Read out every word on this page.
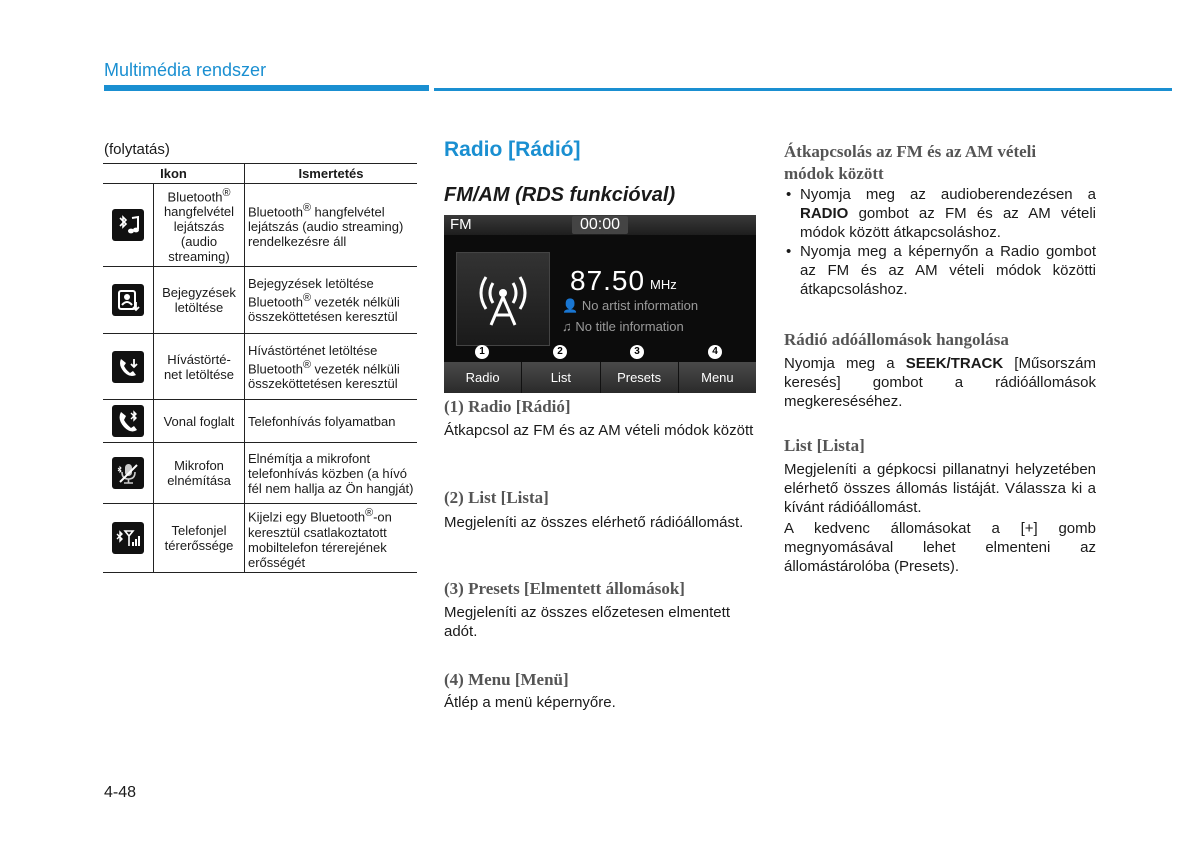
Multimédia rendszer
(folytatás)
Ikon		Ismertetés

	Bluetooth®
hangfelvétel
lejátszás
(audio
streaming)	Bluetooth® hangfelvétel lejátszás (audio streaming) rendelkezésre áll

	Bejegyzések
letöltése	Bejegyzések letöltése Bluetooth® vezeték nélküli összeköttetésen keresztül

	Hívástörté-
net letöltése	Hívástörténet letöltése Bluetooth® vezeték nélküli összeköttetésen keresztül

	Vonal foglalt	Telefonhívás folyamatban

	Mikrofon
elnémítása	Elnémítja a mikrofont telefonhívás közben (a hívó fél nem hallja az Ön hangját)

	Telefonjel
térerőssége	Kijelzi egy Bluetooth®-on keresztül csatlakoztatott mobiltelefon térerejének erősségét
Radio [Rádió]
FM/AM (RDS funkcióval)
FM	00:00
87.50 MHz
👤 No artist information
♫ No title information
1	2	3	4
Radio	List	Presets	Menu
(1) Radio [Rádió]
Átkapcsol az FM és az AM vételi módok között
(2) List [Lista]
Megjeleníti az összes elérhető rádióállomást.
(3) Presets [Elmentett állomások]
Megjeleníti az összes előzetesen elmentett adót.
(4) Menu [Menü]
Átlép a menü képernyőre.
Átkapcsolás az FM és az AM vételi módok között
• Nyomja meg az audioberendezésen a RADIO gombot az FM és az AM vételi módok között átkapcsoláshoz.
• Nyomja meg a képernyőn a Radio gombot az FM és az AM vételi módok közötti átkapcsoláshoz.
Rádió adóállomások hangolása
Nyomja meg a SEEK/TRACK [Műsorszám keresés] gombot a rádióállomások megkereséséhez.
List [Lista]
Megjeleníti a gépkocsi pillanatnyi helyzetében elérhető összes állomás listáját. Válassza ki a kívánt rádióállomást.
A kedvenc állomásokat a [+] gomb megnyomásával lehet elmenteni az állomástárolóba (Presets).
4-48
